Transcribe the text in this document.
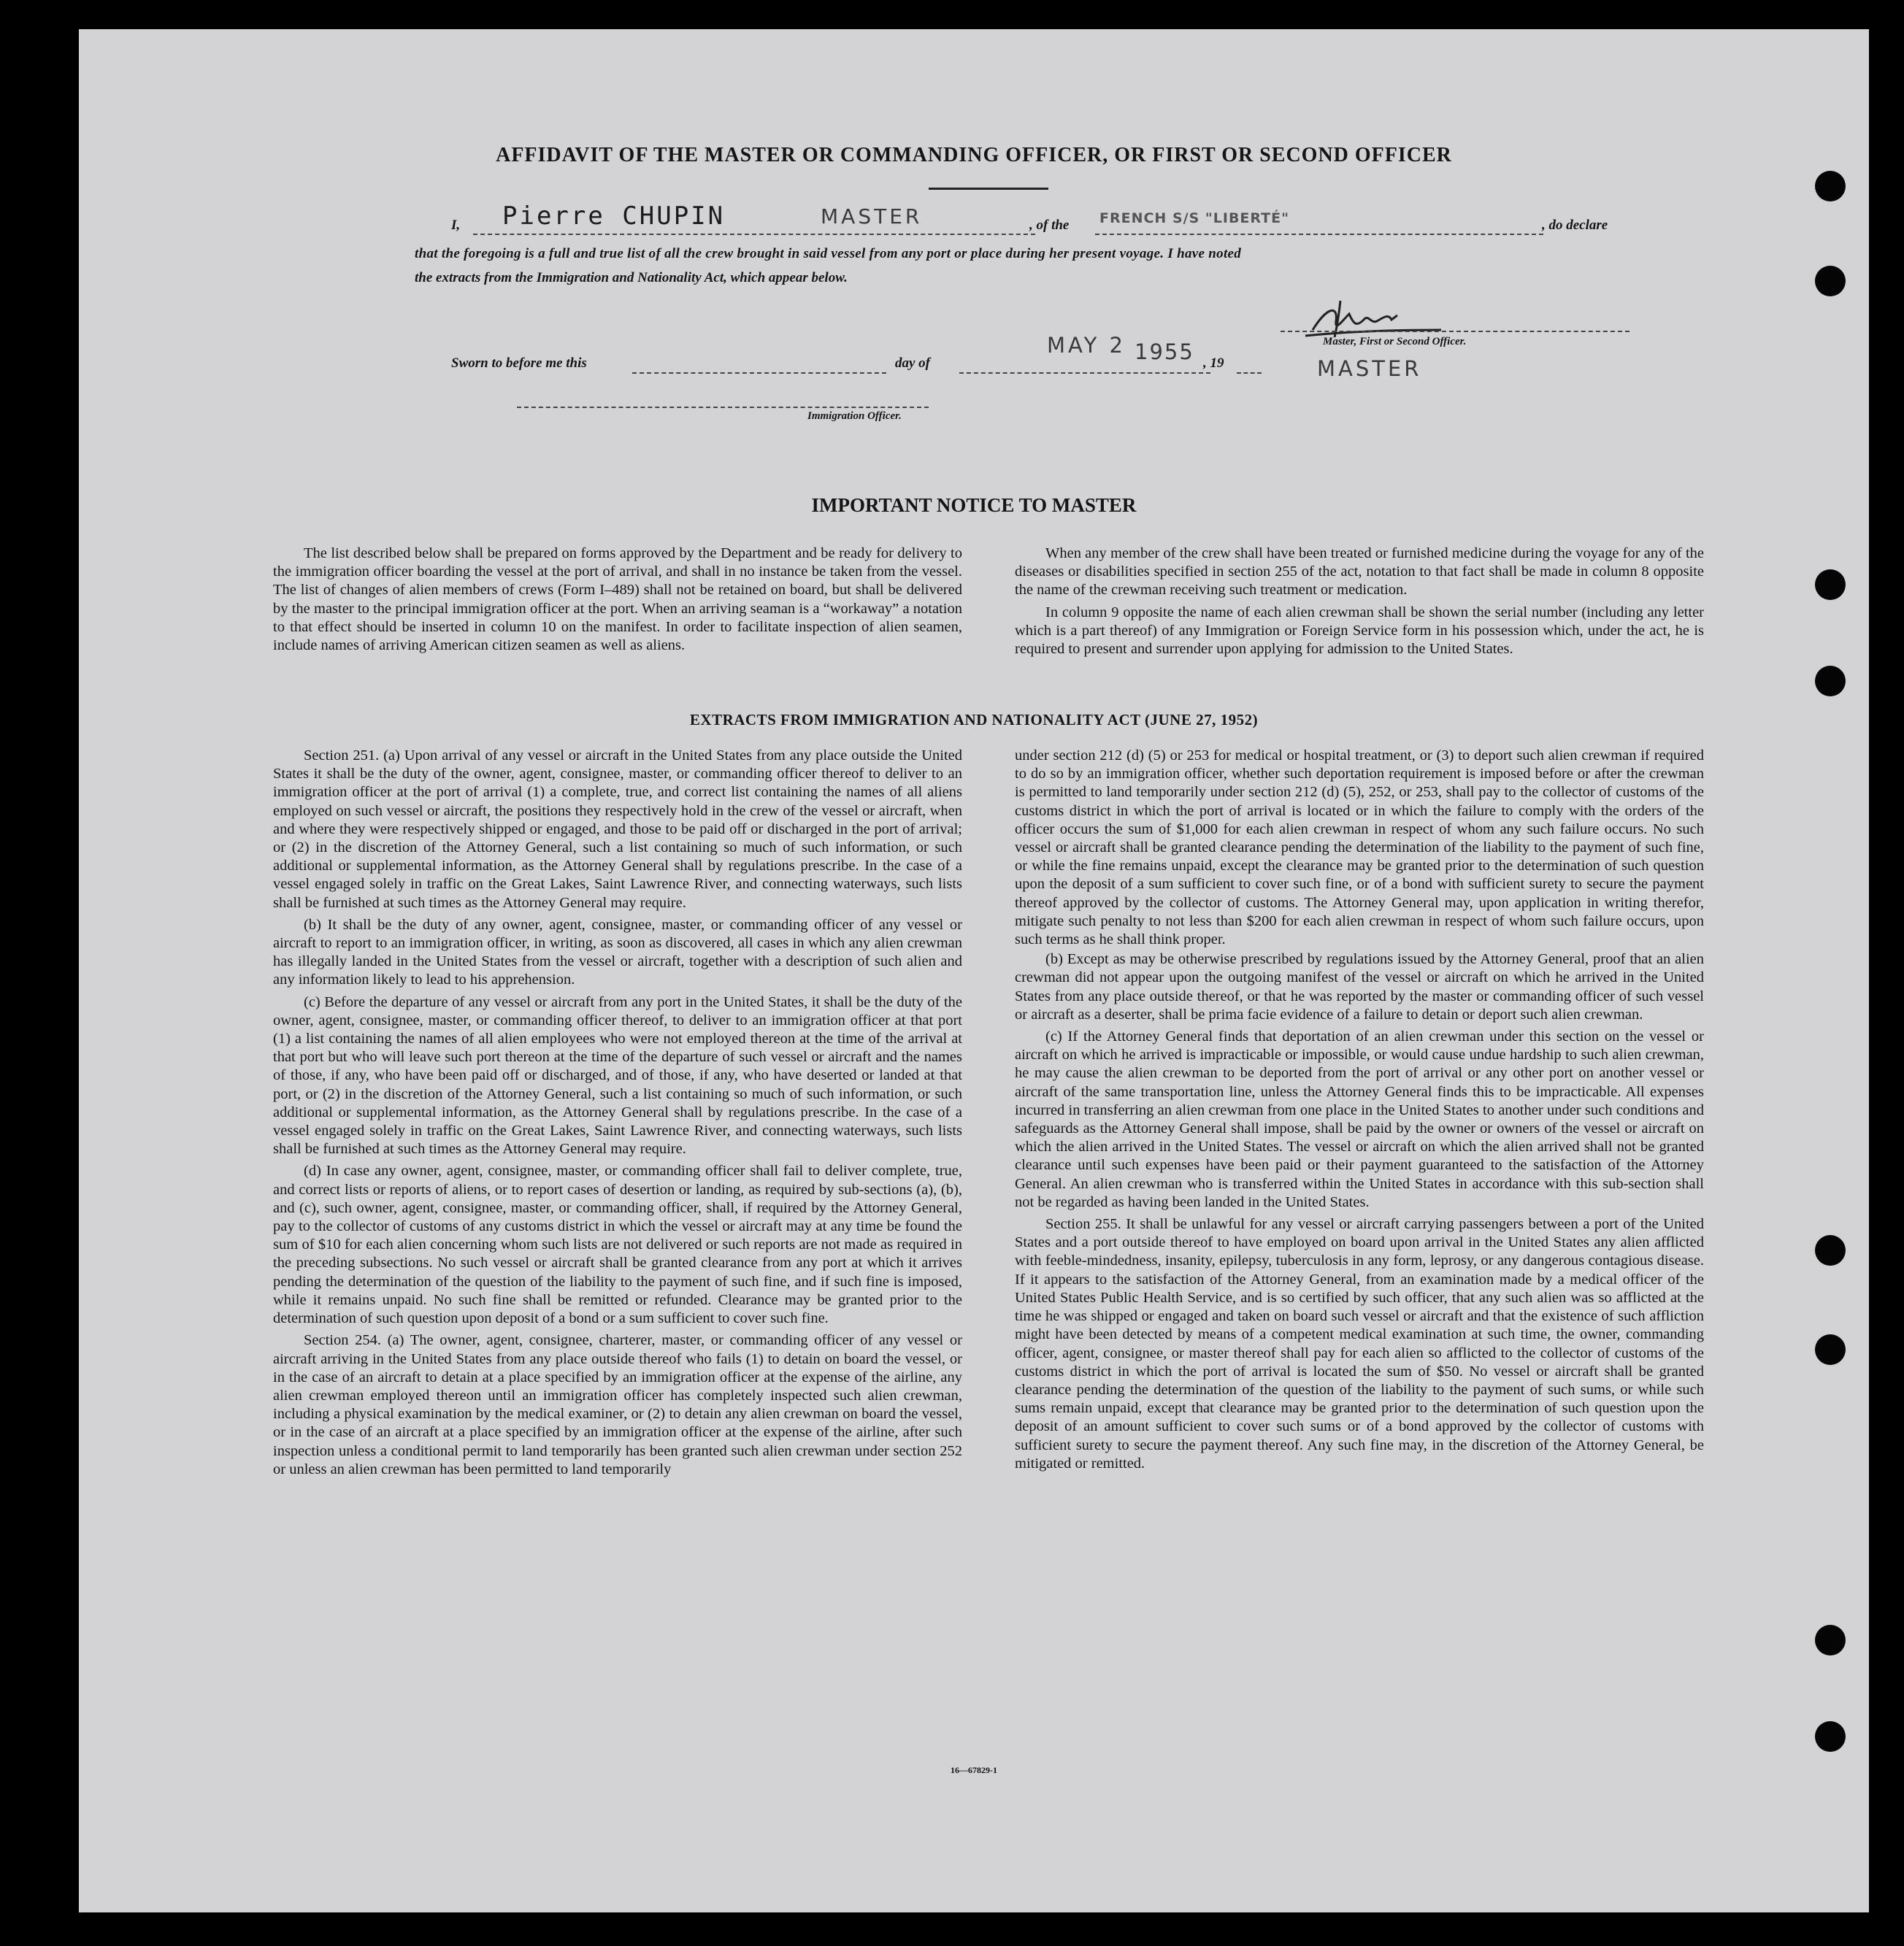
AFFIDAVIT OF THE MASTER OR COMMANDING OFFICER, OR FIRST OR SECOND OFFICER
I, Pierre CHUPIN	MASTER	, of the FRENCH S/S "LIBERTÉ"	, do declare
that the foregoing is a full and true list of all the crew brought in said vessel from any port or place during her present voyage. I have noted
the extracts from the Immigration and Nationality Act, which appear below.
Master, First or Second Officer.
Sworn to before me this	day of
MAY 2 1955 , 19	MASTER
Immigration Officer.
IMPORTANT NOTICE TO MASTER

The list described below shall be prepared on forms approved by the Department and be ready for delivery to the immigration officer boarding the vessel at the port of arrival, and shall in no instance be taken from the vessel. The list of changes of alien members of crews (Form I–489) shall not be retained on board, but shall be delivered by the master to the principal immigration officer at the port. When an arriving seaman is a “workaway” a notation to that effect should be inserted in column 10 on the manifest. In order to facilitate inspection of alien seamen, include names of arriving American citizen seamen as well as aliens.

When any member of the crew shall have been treated or furnished medicine during the voyage for any of the diseases or disabilities specified in section 255 of the act, notation to that fact shall be made in column 8 opposite the name of the crewman receiving such treatment or medication.

In column 9 opposite the name of each alien crewman shall be shown the serial number (including any letter which is a part thereof) of any Immigration or Foreign Service form in his possession which, under the act, he is required to present and surrender upon applying for admission to the United States.

EXTRACTS FROM IMMIGRATION AND NATIONALITY ACT (JUNE 27, 1952)

Section 251. (a) Upon arrival of any vessel or aircraft in the United States from any place outside the United States it shall be the duty of the owner, agent, consignee, master, or commanding officer thereof to deliver to an immigration officer at the port of arrival (1) a complete, true, and correct list containing the names of all aliens employed on such vessel or aircraft, the positions they respectively hold in the crew of the vessel or aircraft, when and where they were respectively shipped or engaged, and those to be paid off or discharged in the port of arrival; or (2) in the discretion of the Attorney General, such a list containing so much of such information, or such additional or supplemental information, as the Attorney General shall by regulations prescribe. In the case of a vessel engaged solely in traffic on the Great Lakes, Saint Lawrence River, and connecting waterways, such lists shall be furnished at such times as the Attorney General may require.

(b) It shall be the duty of any owner, agent, consignee, master, or commanding officer of any vessel or aircraft to report to an immigration officer, in writing, as soon as discovered, all cases in which any alien crewman has illegally landed in the United States from the vessel or aircraft, together with a description of such alien and any information likely to lead to his apprehension.

(c) Before the departure of any vessel or aircraft from any port in the United States, it shall be the duty of the owner, agent, consignee, master, or commanding officer thereof, to deliver to an immigration officer at that port (1) a list containing the names of all alien employees who were not employed thereon at the time of the arrival at that port but who will leave such port thereon at the time of the departure of such vessel or aircraft and the names of those, if any, who have been paid off or discharged, and of those, if any, who have deserted or landed at that port, or (2) in the discretion of the Attorney General, such a list containing so much of such information, or such additional or supplemental information, as the Attorney General shall by regulations prescribe. In the case of a vessel engaged solely in traffic on the Great Lakes, Saint Lawrence River, and connecting waterways, such lists shall be furnished at such times as the Attorney General may require.

(d) In case any owner, agent, consignee, master, or commanding officer shall fail to deliver complete, true, and correct lists or reports of aliens, or to report cases of desertion or landing, as required by sub-sections (a), (b), and (c), such owner, agent, consignee, master, or commanding officer, shall, if required by the Attorney General, pay to the collector of customs of any customs district in which the vessel or aircraft may at any time be found the sum of $10 for each alien concerning whom such lists are not delivered or such reports are not made as required in the preceding subsections. No such vessel or aircraft shall be granted clearance from any port at which it arrives pending the determination of the question of the liability to the payment of such fine, and if such fine is imposed, while it remains unpaid. No such fine shall be remitted or refunded. Clearance may be granted prior to the determination of such question upon deposit of a bond or a sum sufficient to cover such fine.

Section 254. (a) The owner, agent, consignee, charterer, master, or commanding officer of any vessel or aircraft arriving in the United States from any place outside thereof who fails (1) to detain on board the vessel, or in the case of an aircraft to detain at a place specified by an immigration officer at the expense of the airline, any alien crewman employed thereon until an immigration officer has completely inspected such alien crewman, including a physical examination by the medical examiner, or (2) to detain any alien crewman on board the vessel, or in the case of an aircraft at a place specified by an immigration officer at the expense of the airline, after such inspection unless a conditional permit to land temporarily has been granted such alien crewman under section 252 or unless an alien crewman has been permitted to land temporarily

under section 212 (d) (5) or 253 for medical or hospital treatment, or (3) to deport such alien crewman if required to do so by an immigration officer, whether such deportation requirement is imposed before or after the crewman is permitted to land temporarily under section 212 (d) (5), 252, or 253, shall pay to the collector of customs of the customs district in which the port of arrival is located or in which the failure to comply with the orders of the officer occurs the sum of $1,000 for each alien crewman in respect of whom any such failure occurs. No such vessel or aircraft shall be granted clearance pending the determination of the liability to the payment of such fine, or while the fine remains unpaid, except the clearance may be granted prior to the determination of such question upon the deposit of a sum sufficient to cover such fine, or of a bond with sufficient surety to secure the payment thereof approved by the collector of customs. The Attorney General may, upon application in writing therefor, mitigate such penalty to not less than $200 for each alien crewman in respect of whom such failure occurs, upon such terms as he shall think proper.

(b) Except as may be otherwise prescribed by regulations issued by the Attorney General, proof that an alien crewman did not appear upon the outgoing manifest of the vessel or aircraft on which he arrived in the United States from any place outside thereof, or that he was reported by the master or commanding officer of such vessel or aircraft as a deserter, shall be prima facie evidence of a failure to detain or deport such alien crewman.

(c) If the Attorney General finds that deportation of an alien crewman under this section on the vessel or aircraft on which he arrived is impracticable or impossible, or would cause undue hardship to such alien crewman, he may cause the alien crewman to be deported from the port of arrival or any other port on another vessel or aircraft of the same transportation line, unless the Attorney General finds this to be impracticable. All expenses incurred in transferring an alien crewman from one place in the United States to another under such conditions and safeguards as the Attorney General shall impose, shall be paid by the owner or owners of the vessel or aircraft on which the alien arrived in the United States. The vessel or aircraft on which the alien arrived shall not be granted clearance until such expenses have been paid or their payment guaranteed to the satisfaction of the Attorney General. An alien crewman who is transferred within the United States in accordance with this sub-section shall not be regarded as having been landed in the United States.

Section 255. It shall be unlawful for any vessel or aircraft carrying passengers between a port of the United States and a port outside thereof to have employed on board upon arrival in the United States any alien afflicted with feeble-mindedness, insanity, epilepsy, tuberculosis in any form, leprosy, or any dangerous contagious disease. If it appears to the satisfaction of the Attorney General, from an examination made by a medical officer of the United States Public Health Service, and is so certified by such officer, that any such alien was so afflicted at the time he was shipped or engaged and taken on board such vessel or aircraft and that the existence of such affliction might have been detected by means of a competent medical examination at such time, the owner, commanding officer, agent, consignee, or master thereof shall pay for each alien so afflicted to the collector of customs of the customs district in which the port of arrival is located the sum of $50. No vessel or aircraft shall be granted clearance pending the determination of the question of the liability to the payment of such sums, or while such sums remain unpaid, except that clearance may be granted prior to the determination of such question upon the deposit of an amount sufficient to cover such sums or of a bond approved by the collector of customs with sufficient surety to secure the payment thereof. Any such fine may, in the discretion of the Attorney General, be mitigated or remitted.

16—67829-1
